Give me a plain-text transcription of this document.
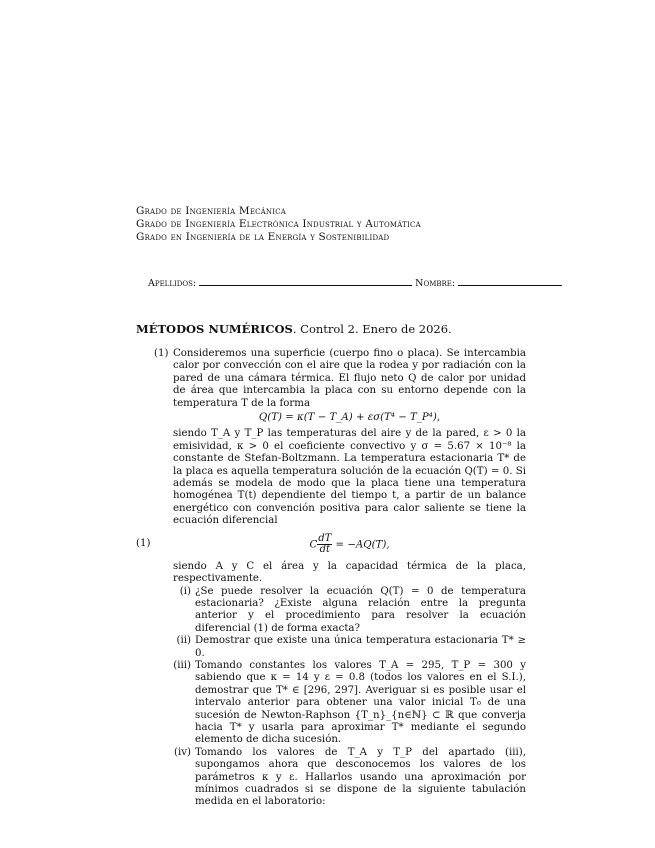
Grado de Ingeniería Mecánica
Grado de Ingeniería Electrónica Industrial y Automática
Grado en Ingeniería de la Energía y Sostenibilidad
Apellidos:	Nombre:
MÉTODOS NUMÉRICOS. Control 2. Enero de 2026.
(1) Consideremos una superficie (cuerpo fino o placa). Se intercambia calor por convección con el aire que la rodea y por radiación con la pared de una cámara térmica. El flujo neto Q de calor por unidad de área que intercambia la placa con su entorno depende con la temperatura T de la forma
Q(T) = κ(T − T_A) + εσ(T⁴ − T_P⁴),
siendo T_A y T_P las temperaturas del aire y de la pared, ε > 0 la emisividad, κ > 0 el coeficiente convectivo y σ = 5.67 × 10⁻⁸ la constante de Stefan-Boltzmann. La temperatura estacionaria T* de la placa es aquella temperatura solución de la ecuación Q(T) = 0. Si además se modela de modo que la placa tiene una temperatura homogénea T(t) dependiente del tiempo t, a partir de un balance energético con convención positiva para calor saliente se tiene la ecuación diferencial
(1)	C $\frac{dT}{dt} = -AQ(T)$,
siendo A y C el área y la capacidad térmica de la placa, respectivamente.
(i) ¿Se puede resolver la ecuación Q(T) = 0 de temperatura estacionaria? ¿Existe alguna relación entre la pregunta anterior y el procedimiento para resolver la ecuación diferencial (1) de forma exacta?
(ii) Demostrar que existe una única temperatura estacionaria T* ≥ 0.
(iii) Tomando constantes los valores T_A = 295, T_P = 300 y sabiendo que κ = 14 y ε = 0.8 (todos los valores en el S.I.), demostrar que T* ∈ [296, 297]. Averiguar si es posible usar el intervalo anterior para obtener una valor inicial T₀ de una sucesión de Newton-Raphson {T_n}_{n∈ℕ} ⊂ ℝ que converja hacia T* y usarla para aproximar T* mediante el segundo elemento de dicha sucesión.
(iv) Tomando los valores de T_A y T_P del apartado (iii), supongamos ahora que desconocemos los valores de los parámetros κ y ε. Hallarlos usando una aproximación por mínimos cuadrados si se dispone de la siguiente tabulación medida en el laboratorio:
